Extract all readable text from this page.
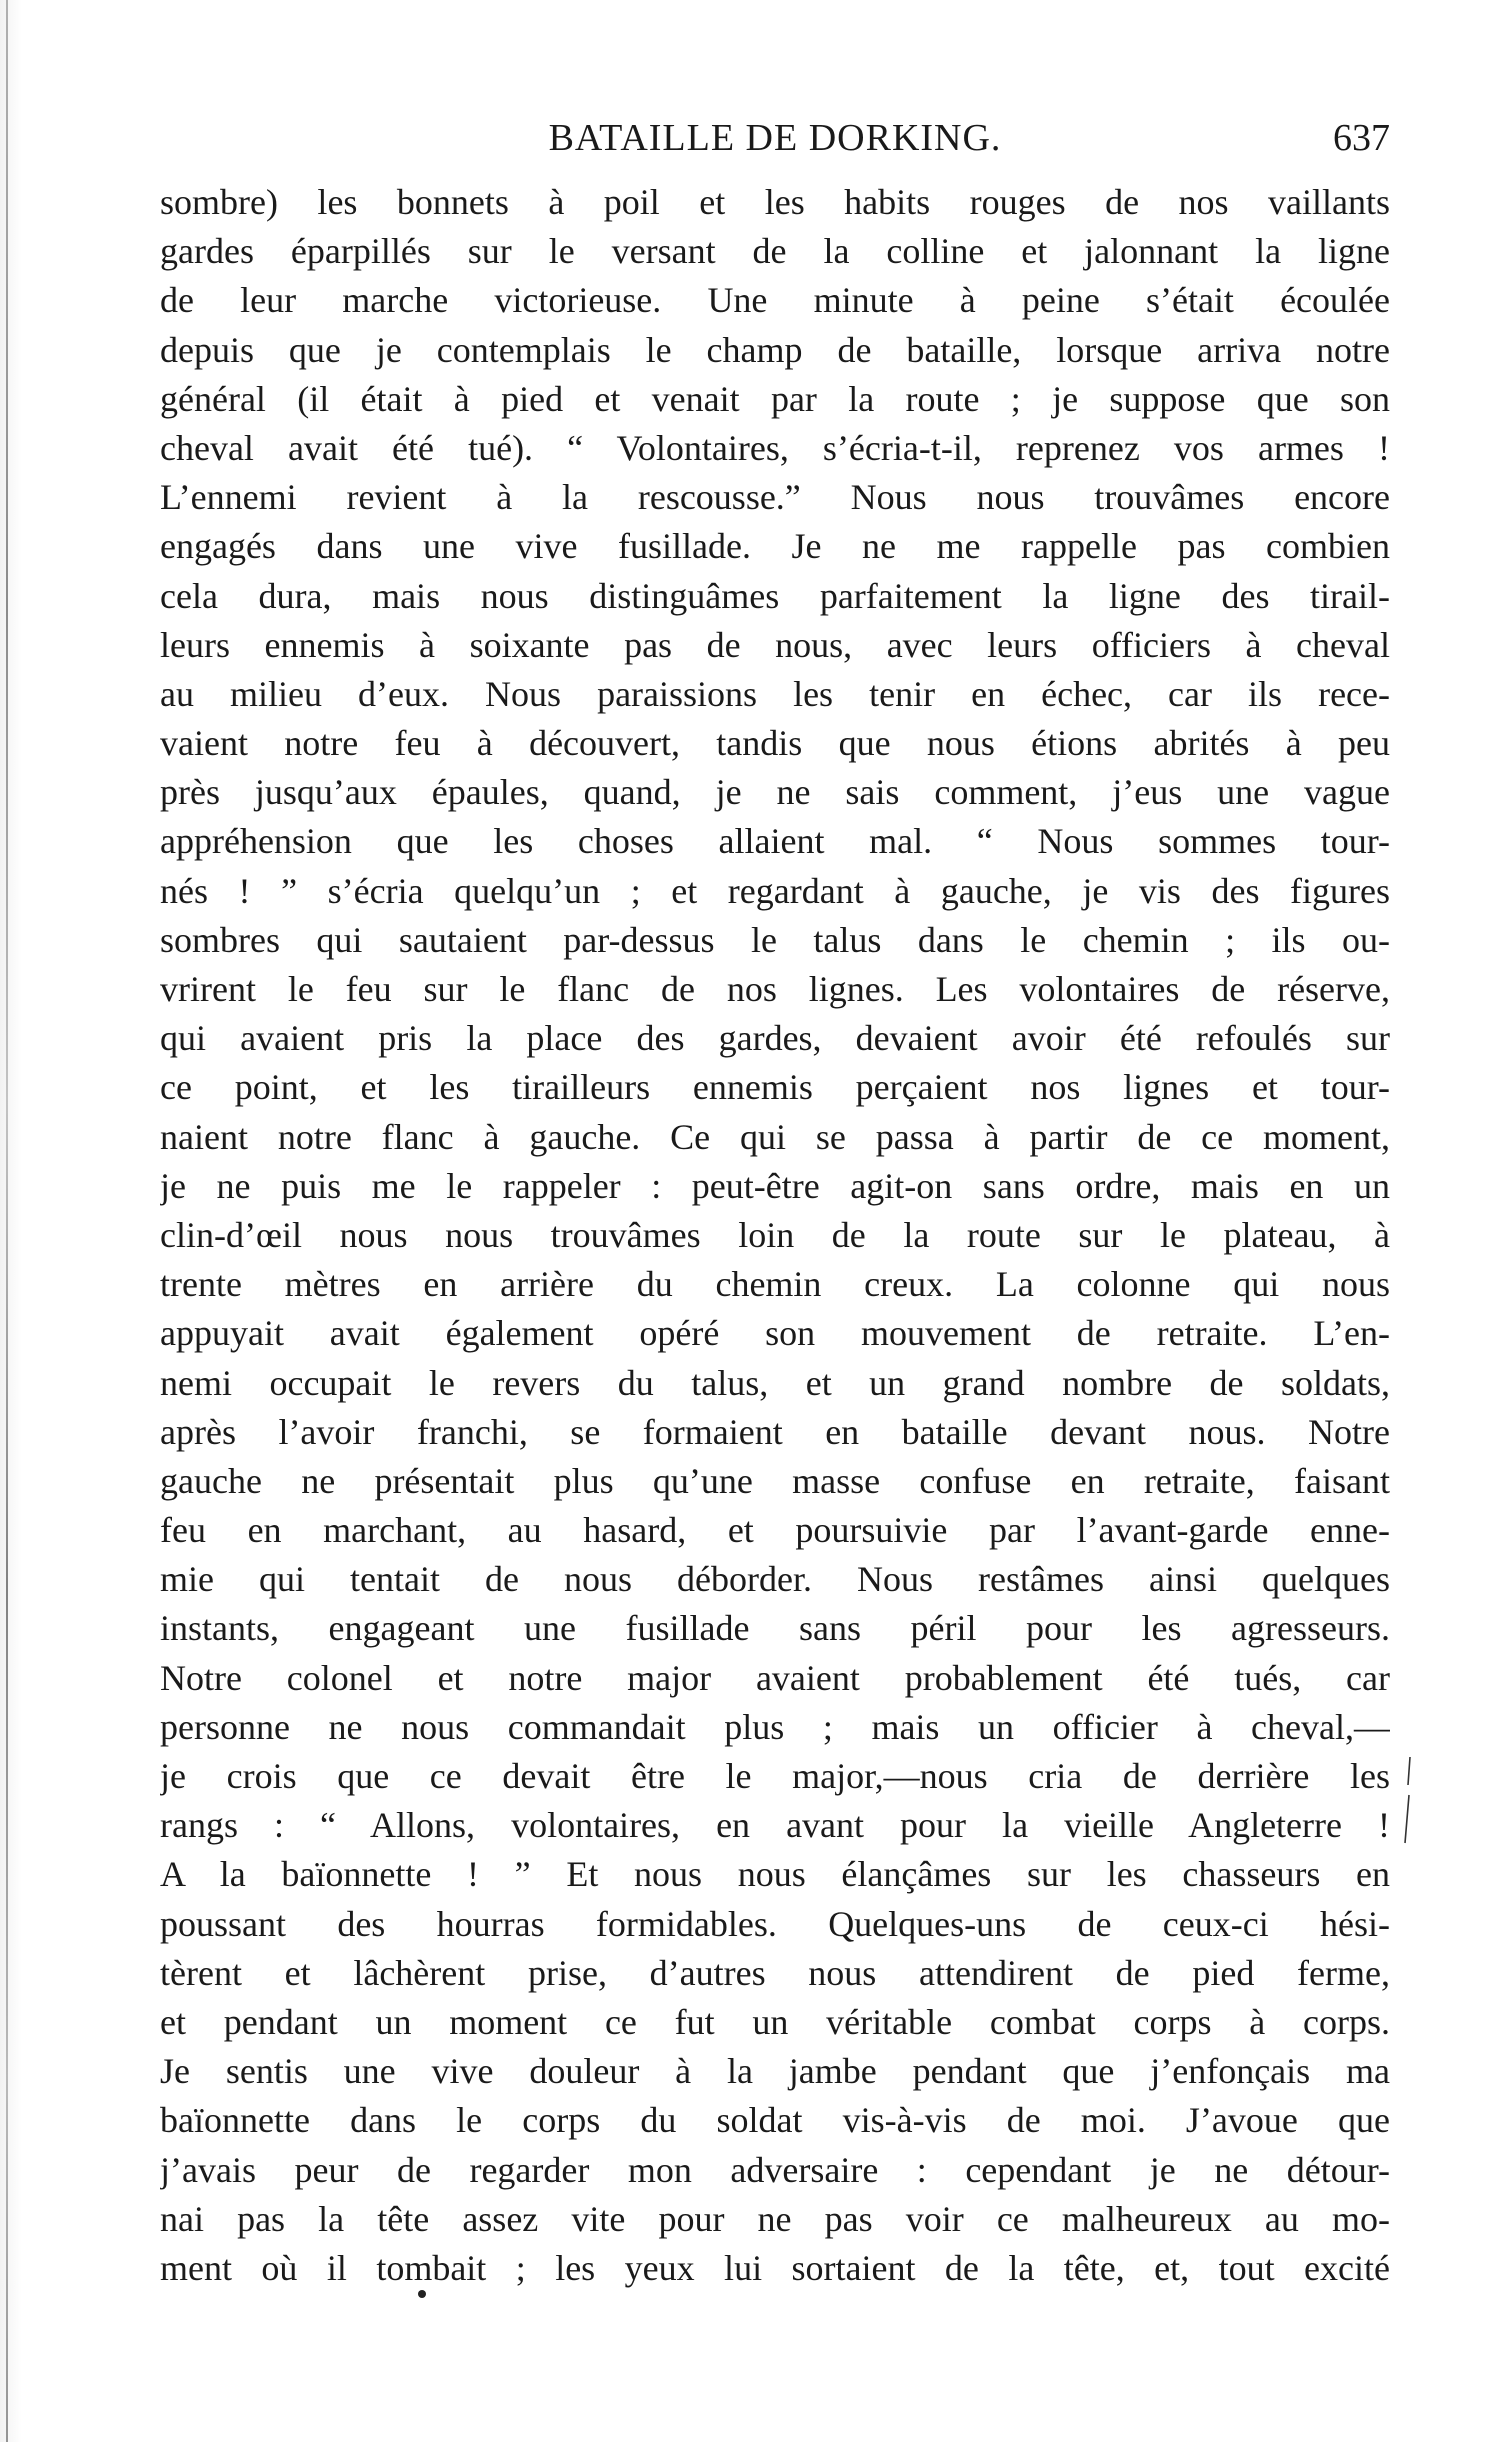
BATAILLE DE DORKING.	637
sombre) les bonnets à poil et les habits rouges de nos vaillants
gardes éparpillés sur le versant de la colline et jalonnant la ligne
de leur marche victorieuse. Une minute à peine s’était écoulée
depuis que je contemplais le champ de bataille, lorsque arriva notre
général (il était à pied et venait par la route ; je suppose que son
cheval avait été tué). “ Volontaires, s’écria-t-il, reprenez vos armes !
L’ennemi revient à la rescousse.” Nous nous trouvâmes encore
engagés dans une vive fusillade. Je ne me rappelle pas combien
cela dura, mais nous distinguâmes parfaitement la ligne des tirail-
leurs ennemis à soixante pas de nous, avec leurs officiers à cheval
au milieu d’eux. Nous paraissions les tenir en échec, car ils rece-
vaient notre feu à découvert, tandis que nous étions abrités à peu
près jusqu’aux épaules, quand, je ne sais comment, j’eus une vague
appréhension que les choses allaient mal. “ Nous sommes tour-
nés ! ” s’écria quelqu’un ; et regardant à gauche, je vis des figures
sombres qui sautaient par-dessus le talus dans le chemin ; ils ou-
vrirent le feu sur le flanc de nos lignes. Les volontaires de réserve,
qui avaient pris la place des gardes, devaient avoir été refoulés sur
ce point, et les tirailleurs ennemis perçaient nos lignes et tour-
naient notre flanc à gauche. Ce qui se passa à partir de ce moment,
je ne puis me le rappeler : peut-être agit-on sans ordre, mais en un
clin-d’œil nous nous trouvâmes loin de la route sur le plateau, à
trente mètres en arrière du chemin creux. La colonne qui nous
appuyait avait également opéré son mouvement de retraite. L’en-
nemi occupait le revers du talus, et un grand nombre de soldats,
après l’avoir franchi, se formaient en bataille devant nous. Notre
gauche ne présentait plus qu’une masse confuse en retraite, faisant
feu en marchant, au hasard, et poursuivie par l’avant-garde enne-
mie qui tentait de nous déborder. Nous restâmes ainsi quelques
instants, engageant une fusillade sans péril pour les agresseurs.
Notre colonel et notre major avaient probablement été tués, car
personne ne nous commandait plus ; mais un officier à cheval,—
je crois que ce devait être le major,—nous cria de derrière les
rangs : “ Allons, volontaires, en avant pour la vieille Angleterre !
A la baïonnette ! ” Et nous nous élançâmes sur les chasseurs en
poussant des hourras formidables. Quelques-uns de ceux-ci hési-
tèrent et lâchèrent prise, d’autres nous attendirent de pied ferme,
et pendant un moment ce fut un véritable combat corps à corps.
Je sentis une vive douleur à la jambe pendant que j’enfonçais ma
baïonnette dans le corps du soldat vis-à-vis de moi. J’avoue que
j’avais peur de regarder mon adversaire : cependant je ne détour-
nai pas la tête assez vite pour ne pas voir ce malheureux au mo-
ment où il tombait ; les yeux lui sortaient de la tête, et, tout excité
